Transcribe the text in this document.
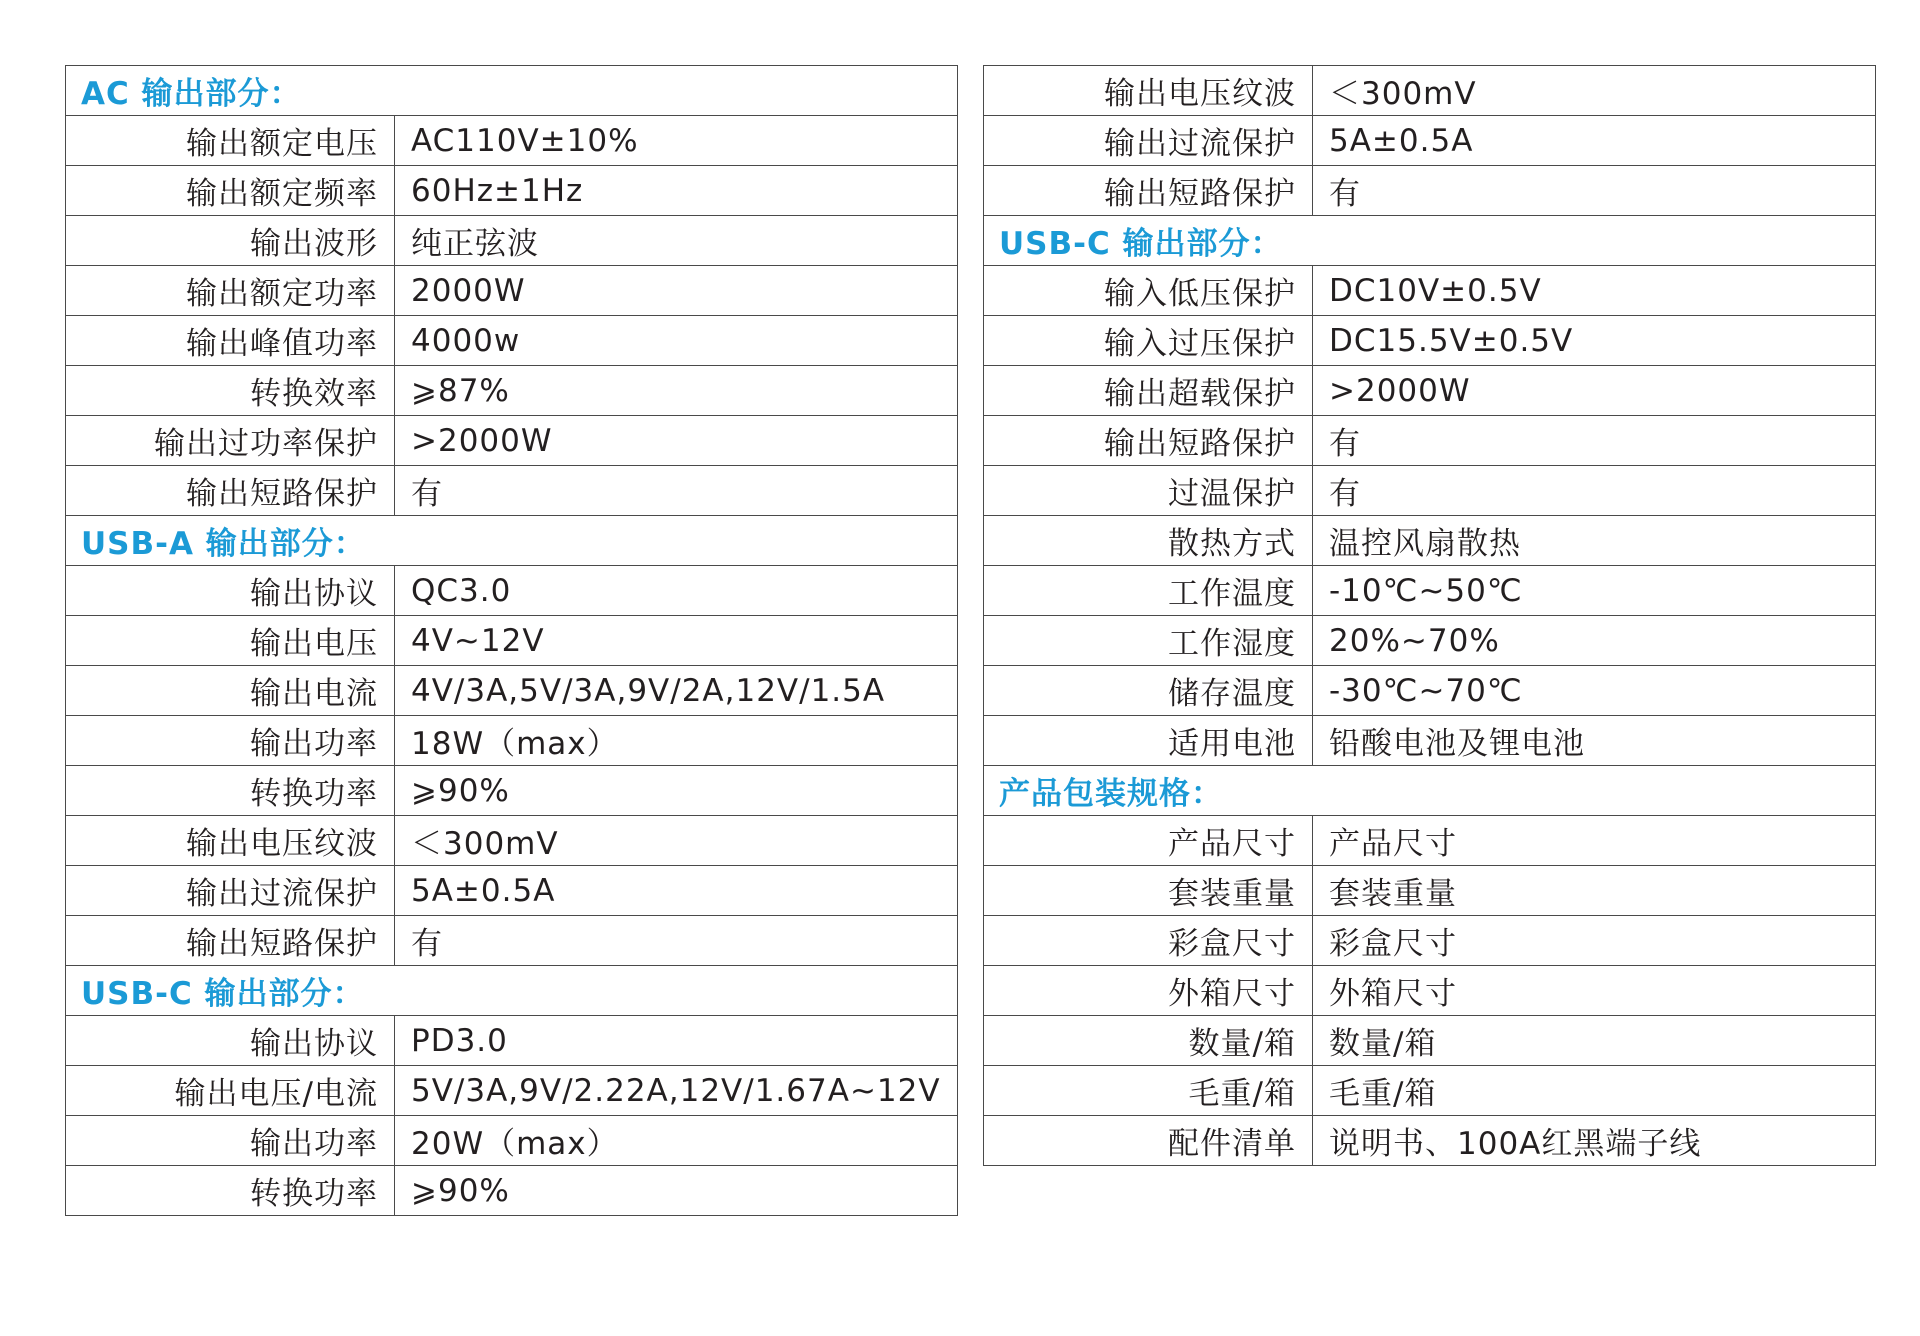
AC 输出部分：	
输出额定电压	AC110V±10%
输出额定频率	60Hz±1Hz
输出波形	纯正弦波
输出额定功率	2000W
输出峰值功率	4000w
转换效率	⩾87%
输出过功率保护	>2000W
输出短路保护	有
USB-A 输出部分：	
输出协议	QC3.0
输出电压	4V~12V
输出电流	4V/3A,5V/3A,9V/2A,12V/1.5A
输出功率	18W（max）
转换功率	⩾90%
输出电压纹波	＜300mV
输出过流保护	5A±0.5A
输出短路保护	有
USB-C 输出部分：	
输出协议	PD3.0
输出电压/电流	5V/3A,9V/2.22A,12V/1.67A~12V
输出功率	20W（max）
转换功率	⩾90%
输出电压纹波	＜300mV
输出过流保护	5A±0.5A
输出短路保护	有
USB-C 输出部分：	
输入低压保护	DC10V±0.5V
输入过压保护	DC15.5V±0.5V
输出超载保护	>2000W
输出短路保护	有
过温保护	有
散热方式	温控风扇散热
工作温度	-10℃~50℃
工作湿度	20%~70%
储存温度	-30℃~70℃
适用电池	铅酸电池及锂电池
产品包装规格：	
产品尺寸	产品尺寸
套装重量	套装重量
彩盒尺寸	彩盒尺寸
外箱尺寸	外箱尺寸
数量/箱	数量/箱
毛重/箱	毛重/箱
配件清单	说明书、100A红黑端子线
